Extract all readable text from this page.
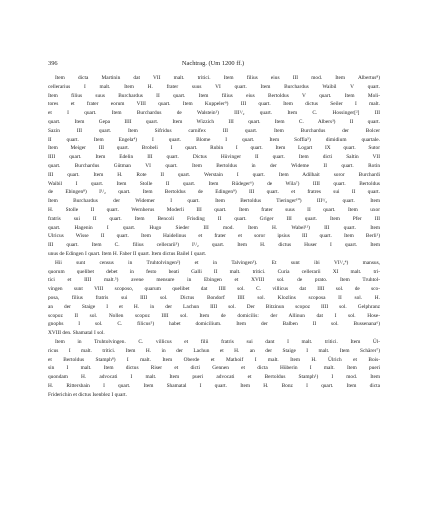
396	Nachtrag. (Um 1200 ff.)
Item dicta Martinin dat VII malt. tritici. Item filius eius III mod. Item Albertus⁸)
cellerarius I malt. Item H. frater suus VI quart. Item Burchardus Waibil V quart.
Item filius suus Burchardus II quart. Item filius eius Bertoldus V quart. Item Moli-
tores et frater eorum VIII quart. Item Kuppeler⁹) III quart. Item dictus Seiler I malt.
et I quart. Item Burchardus de Walstein¹) III¹/₂ quart. Item C. Hossinger[²] III
quart. Item Gepa IIII quart. Item Wizzich III quart. Item C. Albers³) II quart.
Sazin III quart. Item Sifridus carnifex III quart. Item Burchardus der Bolcer
II quart. Item Engela⁴) I quart. Blome I quart. Item Soffia⁵) dimidium quartale.
Item Meiger III quart. Brobeli I quart. Rubin I quart. Item Logart IX quart. Sutor
IIII quart. Item Edelin III quart. Dictus Hüvinger II quart. Item dicti Saltin VII
quart. Burchardus Gütman VI quart. Item Bertoldus in der Wideme II quart. Rotin
III quart. Item H. Rote II quart. Werstain I quart. Item Adilhait soror Burchardi
Waibil I quart. Item Stolle II quart. Item Rüdeger⁶) de Wila⁷) IIII quart. Bertoldus
de Ebingen⁸) I¹/₂ quart. Item Bertoldus de Edingen⁹) III quart. et fratres sui II quart.
Item Burchardus der Widemer I quart. Item Bertoldus Tieringer¹⁰) III¹/₂ quart. Item
H. Stolle II quart. Wernherus Moderli III quart. Item frater suus II quart. Item uxor
fratris sui II quart. Item Bencoli Frisding II quart. Griger III quart. Item Pfer III
quart. Hagenin I quart. Hugo Sieder III mod. Item H. Wabel¹¹) III quart. Item
Ulricus Wisse II quart. Item Haidelinus et frater et soror ipsius III quart. Item Berli¹)
III quart. Item C. filius cellerarii³) I¹/₂ quart. Item H. dictus Huser I quart. Item
unus de Edingen I quart. Item H. Faber II quart. Item dictus Bailel I quart.
Hii sunt census in Truhtolvingen²) et in Talvingen³). Et sunt ibi VI¹/₂⁴) mansus,
quorum quelibet debet in festo beati Galli II malt. tritici. Curia cellerarii XI malt. tri-
tici et IIII malt.⁵) avene mensure in Ebingen et XVIII sol. de prato. Item Truhtol-
vingen sunt VIII scoposo, quarum quelibet dat IIII sol. C. villicus dat IIII sol. de sco-
posa, filius fratris sui IIII sol. Dictus Bondorf IIII sol. Klozlins scoposa II sol. H.
an der Staige I et H. in der Lachun IIII sol. Der Bitzinun scopoz IIII sol. Gelphranz
scopoz II sol. Nollen scopoz IIII sol. Item de domicilis: der Allinun dat I sol. Hose-
gnophs I sol. C. filicus⁵) habet domicilium. Item der Balben II sol. Bussenana⁶)
XVIII den. Shamatal I sol.
Item in Truhtolvingen. C. villicus et filii fratris sui dant I malt. tritici. Item Ül-
ricus I malt. tritici. Item H. in der Lachun et H. an der Staige I malt. Item Schärer⁷)
et Bertoldus Stamph⁸) I malt. Item Oberde et Mathoif I malt. Item H. Ülrich et Bois-
sin I malt. Item dictus Riser et dicti Gennen et dicta Hüberin I malt. Item pueri
quondam H. advocati I malt. Item pueri advocati et Bertoldus Stamph¹) I mod. Item
H. Rittersbain I quart. Item Shamatal I quart. Item H. Bonz I quart. Item dicta
Friderichin et dictus Isenblez I quart.
